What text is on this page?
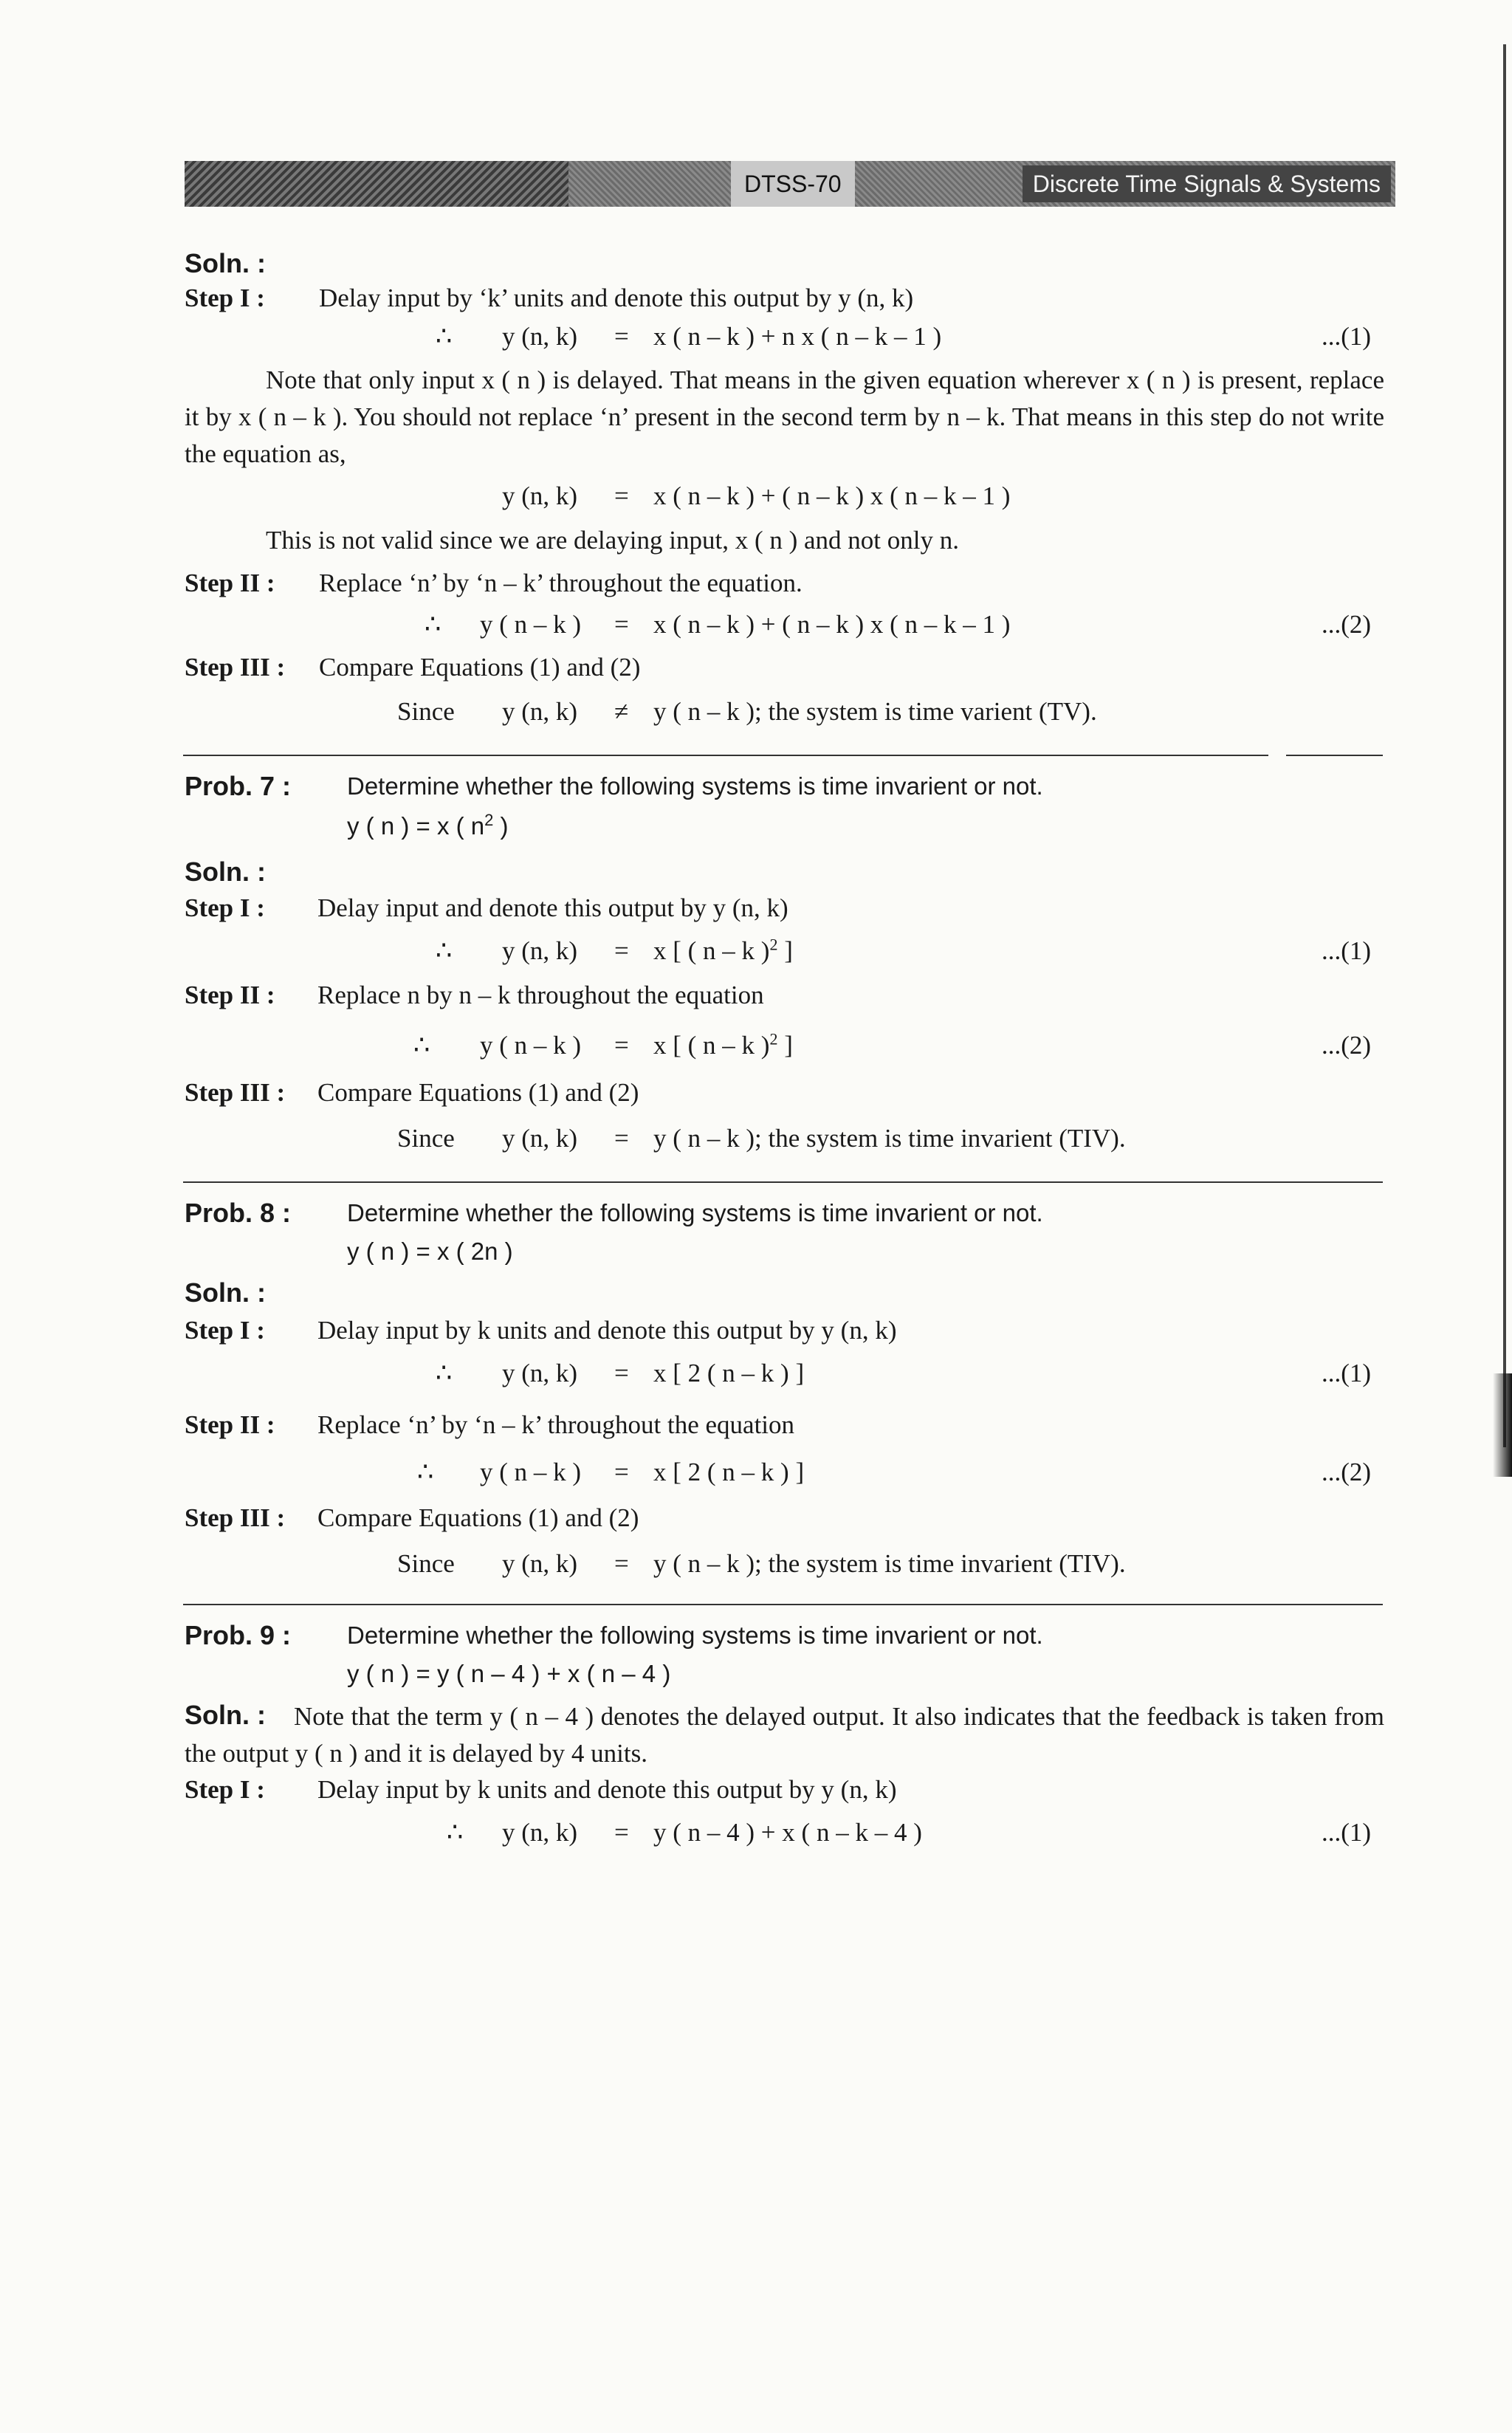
DTSS-70	Discrete Time Signals & Systems
Soln. :
Step I : Delay input by ‘k’ units and denote this output by y (n, k)
∴ y (n, k) = x ( n – k ) + n x ( n – k – 1 )	...(1)
Note that only input x ( n ) is delayed. That means in the given equation wherever x ( n ) is present, replace it by x ( n – k ). You should not replace ‘n’ present in the second term by n – k. That means in this step do not write the equation as,
y (n, k) = x ( n – k ) + ( n – k ) x ( n – k – 1 )
This is not valid since we are delaying input, x ( n ) and not only n.
Step II : Replace ‘n’ by ‘n – k’ throughout the equation.
∴ y ( n – k ) = x ( n – k ) + ( n – k ) x ( n – k – 1 )	...(2)
Step III : Compare Equations (1) and (2)
Since y (n, k) ≠ y ( n – k ); the system is time varient (TV).
Prob. 7 : Determine whether the following systems is time invarient or not.
y ( n ) = x ( $n^2$ )
Soln. :
Step I : Delay input and denote this output by y (n, k)
∴ y (n, k) = x [ ( n – k )$^2$ ]	...(1)
Step II : Replace n by n – k throughout the equation
∴ y ( n – k ) = x [ ( n – k )$^2$ ]	...(2)
Step III : Compare Equations (1) and (2)
Since y (n, k) = y ( n – k ); the system is time invarient (TIV).
Prob. 8 : Determine whether the following systems is time invarient or not.
y ( n ) = x ( 2n )
Soln. :
Step I : Delay input by k units and denote this output by y (n, k)
∴ y (n, k) = x [ 2 ( n – k ) ]	...(1)
Step II : Replace ‘n’ by ‘n – k’ throughout the equation
∴ y ( n – k ) = x [ 2 ( n – k ) ]	...(2)
Step III : Compare Equations (1) and (2)
Since y (n, k) = y ( n – k ); the system is time invarient (TIV).
Prob. 9 : Determine whether the following systems is time invarient or not.
y ( n ) = y ( n – 4 ) + x ( n – 4 )
Soln. :	Note that the term y ( n – 4 ) denotes the delayed output. It also indicates that the feedback is taken from the output y ( n ) and it is delayed by 4 units.
Step I : Delay input by k units and denote this output by y (n, k)
∴ y (n, k) = y ( n – 4 ) + x ( n – k – 4 )	...(1)
